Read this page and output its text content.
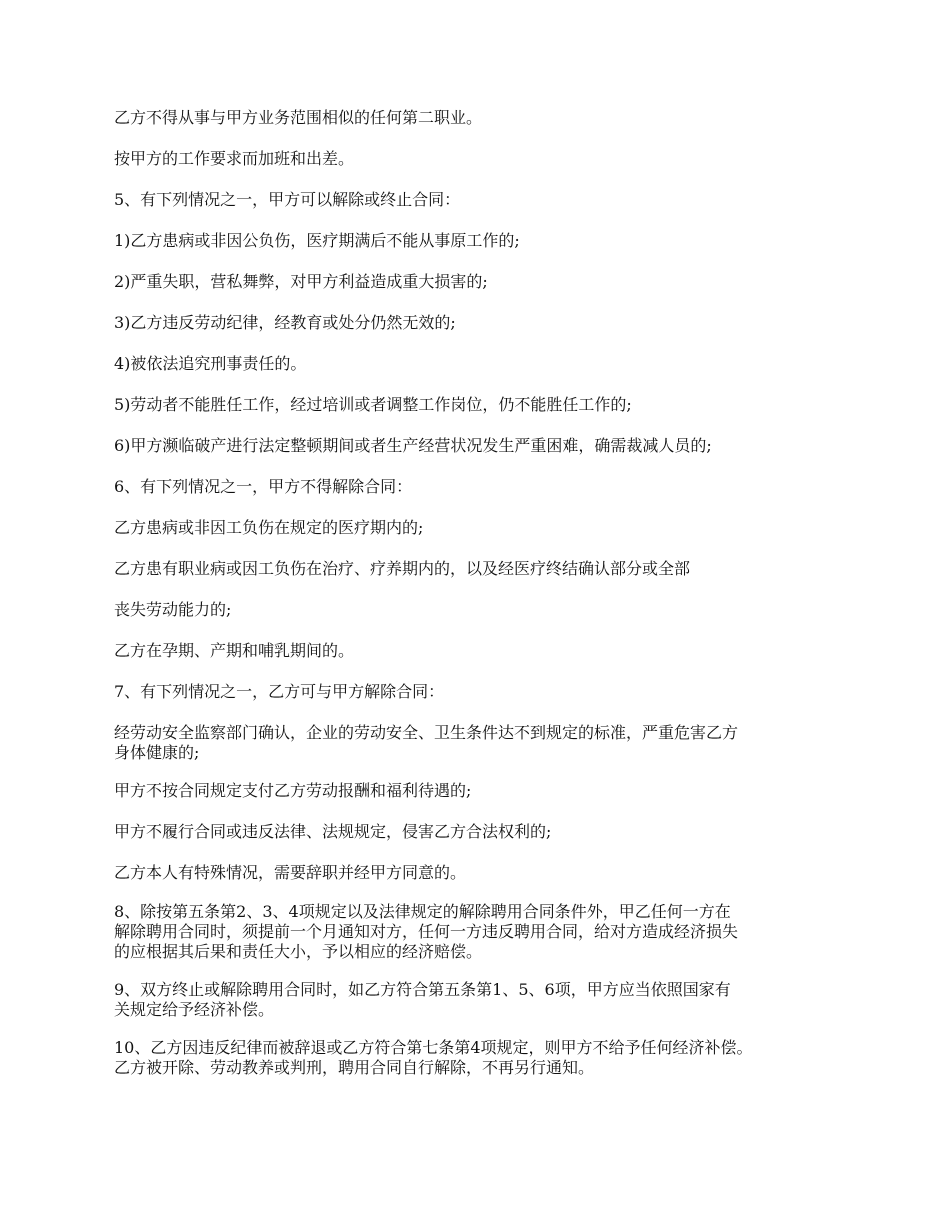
乙方不得从事与甲方业务范围相似的任何第二职业。

按甲方的工作要求而加班和出差。

5、有下列情况之一，甲方可以解除或终止合同：

1)乙方患病或非因公负伤，医疗期满后不能从事原工作的;

2)严重失职，营私舞弊，对甲方利益造成重大损害的;

3)乙方违反劳动纪律，经教育或处分仍然无效的;

4)被依法追究刑事责任的。

5)劳动者不能胜任工作，经过培训或者调整工作岗位，仍不能胜任工作的;

6)甲方濒临破产进行法定整顿期间或者生产经营状况发生严重困难，确需裁减人员的;

6、有下列情况之一，甲方不得解除合同：

乙方患病或非因工负伤在规定的医疗期内的;

乙方患有职业病或因工负伤在治疗、疗养期内的，以及经医疗终结确认部分或全部

丧失劳动能力的;

乙方在孕期、产期和哺乳期间的。

7、有下列情况之一，乙方可与甲方解除合同：

经劳动安全监察部门确认，企业的劳动安全、卫生条件达不到规定的标准，严重危害乙方
身体健康的;

甲方不按合同规定支付乙方劳动报酬和福利待遇的;

甲方不履行合同或违反法律、法规规定，侵害乙方合法权利的;

乙方本人有特殊情况，需要辞职并经甲方同意的。

8、除按第五条第2、3、4项规定以及法律规定的解除聘用合同条件外，甲乙任何一方在
解除聘用合同时，须提前一个月通知对方，任何一方违反聘用合同，给对方造成经济损失
的应根据其后果和责任大小，予以相应的经济赔偿。

9、双方终止或解除聘用合同时，如乙方符合第五条第1、5、6项，甲方应当依照国家有
关规定给予经济补偿。

10、乙方因违反纪律而被辞退或乙方符合第七条第4项规定，则甲方不给予任何经济补偿。
乙方被开除、劳动教养或判刑，聘用合同自行解除，不再另行通知。
